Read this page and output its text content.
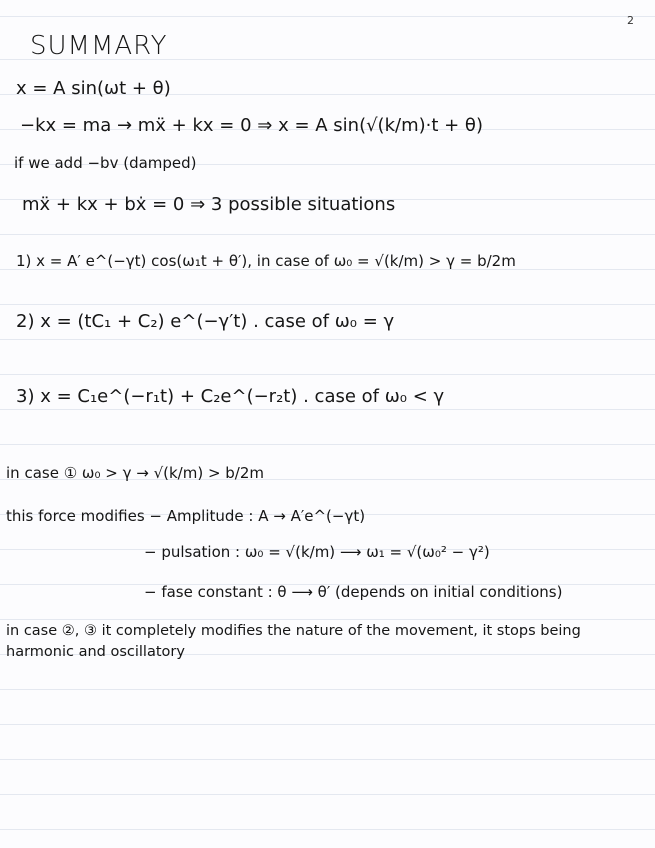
2
SUMMARY
x = A sin(ωt + θ)
−kx = ma → mẍ + kx = 0 ⇒ x = A sin(√(k/m)·t + θ)
if we add −bv (damped)
mẍ + kx + bẋ = 0 ⇒ 3 possible situations
1) x = A′ e^(−γt) cos(ω₁t + θ′), in case of ω₀ = √(k/m) > γ = b/2m
2) x = (tC₁ + C₂) e^(−γ′t) . case of ω₀ = γ
3) x = C₁e^(−r₁t) + C₂e^(−r₂t) . case of ω₀ < γ
in case ① ω₀ > γ → √(k/m) > b/2m
this force modifies − Amplitude : A → A′e^(−γt)
− pulsation : ω₀ = √(k/m) ⟶ ω₁ = √(ω₀² − γ²)
− fase constant : θ ⟶ θ′ (depends on initial conditions)
in case ②, ③ it completely modifies the nature of the movement, it stops being
harmonic and oscillatory
